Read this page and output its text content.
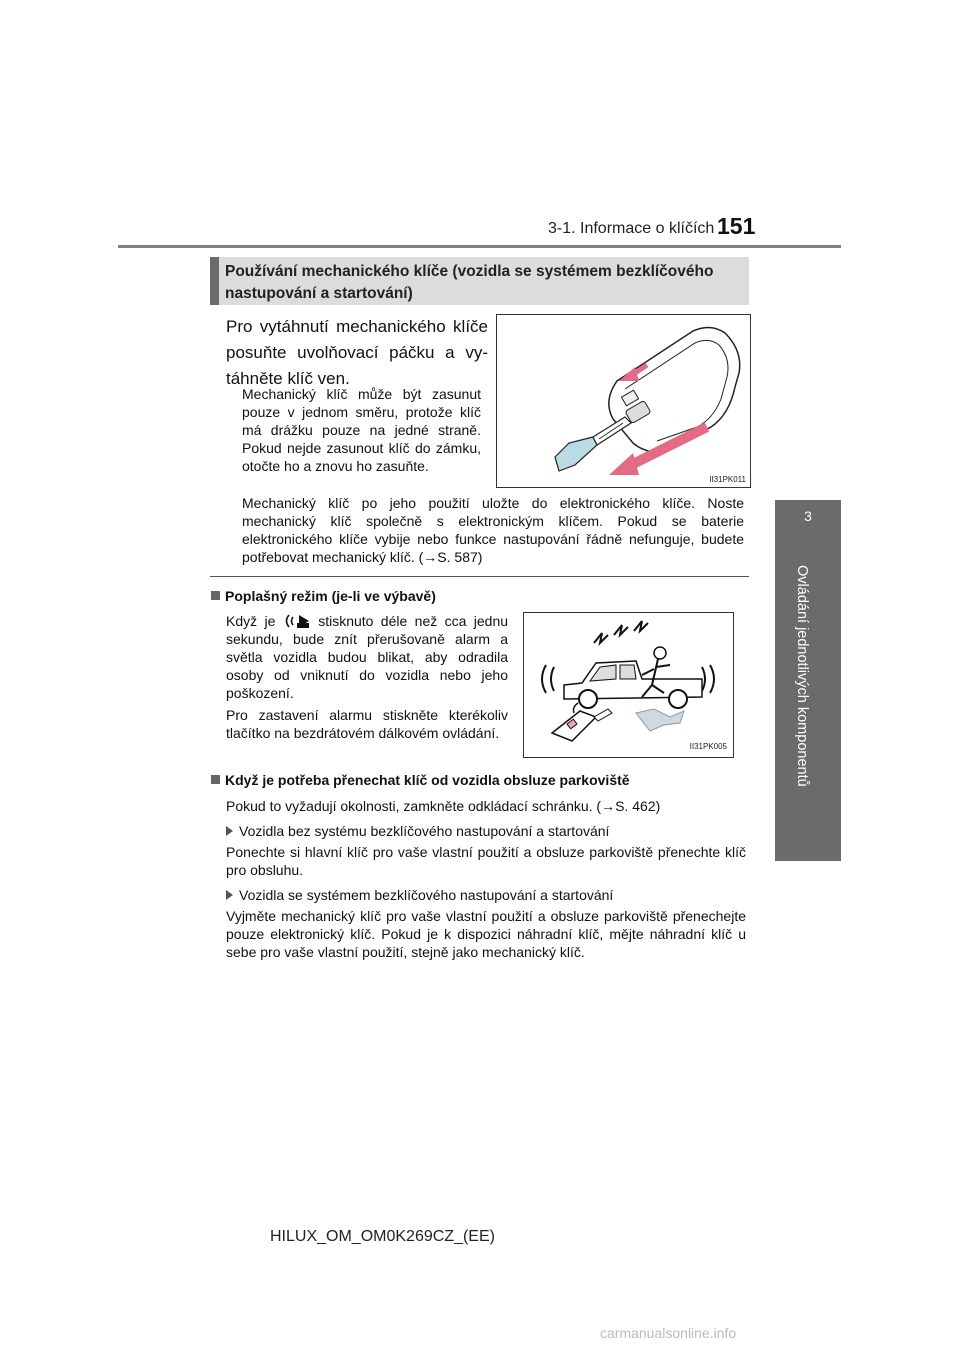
3-1. Informace o klíčích 151
3
Ovládání jednotlivých komponentů
Používání mechanického klíče (vozidla se systémem bezklíčového nastupování a startování)
Pro vytáhnutí mechanického klíče
posuňte uvolňovací páčku a vy-
táhněte klíč ven.
Mechanický klíč může být zasunut pouze v jednom směru, protože klíč má drážku pouze na jedné straně. Pokud nejde zasunout klíč do zámku, otočte ho a znovu ho zasuňte.
Mechanický klíč po jeho použití uložte do elektronického klíče. Noste mechanický klíč společně s elektronickým klíčem. Pokud se baterie elektronického klíče vybije nebo funkce nastupování řádně nefunguje, budete potřebovat mechanický klíč. (→S. 587)
II31PK011
Poplašný režim (je-li ve výbavě)
Když je	stisknuto déle než cca jednu sekundu, bude znít přerušovaně alarm a světla vozidla budou blikat, aby odradila osoby od vniknutí do vozidla nebo jeho poškození.
Pro zastavení alarmu stiskněte kterékoliv tlačítko na bezdrátovém dálkovém ovládání.
II31PK005
Když je potřeba přenechat klíč od vozidla obsluze parkoviště
Pokud to vyžadují okolnosti, zamkněte odkládací schránku. (→S. 462)
Vozidla bez systému bezklíčového nastupování a startování
Ponechte si hlavní klíč pro vaše vlastní použití a obsluze parkoviště přenechte klíč pro obsluhu.
Vozidla se systémem bezklíčového nastupování a startování
Vyjměte mechanický klíč pro vaše vlastní použití a obsluze parkoviště přenechejte pouze elektronický klíč. Pokud je k dispozici náhradní klíč, mějte náhradní klíč u sebe pro vaše vlastní použití, stejně jako mechanický klíč.
HILUX_OM_OM0K269CZ_(EE)
carmanualsonline.info
